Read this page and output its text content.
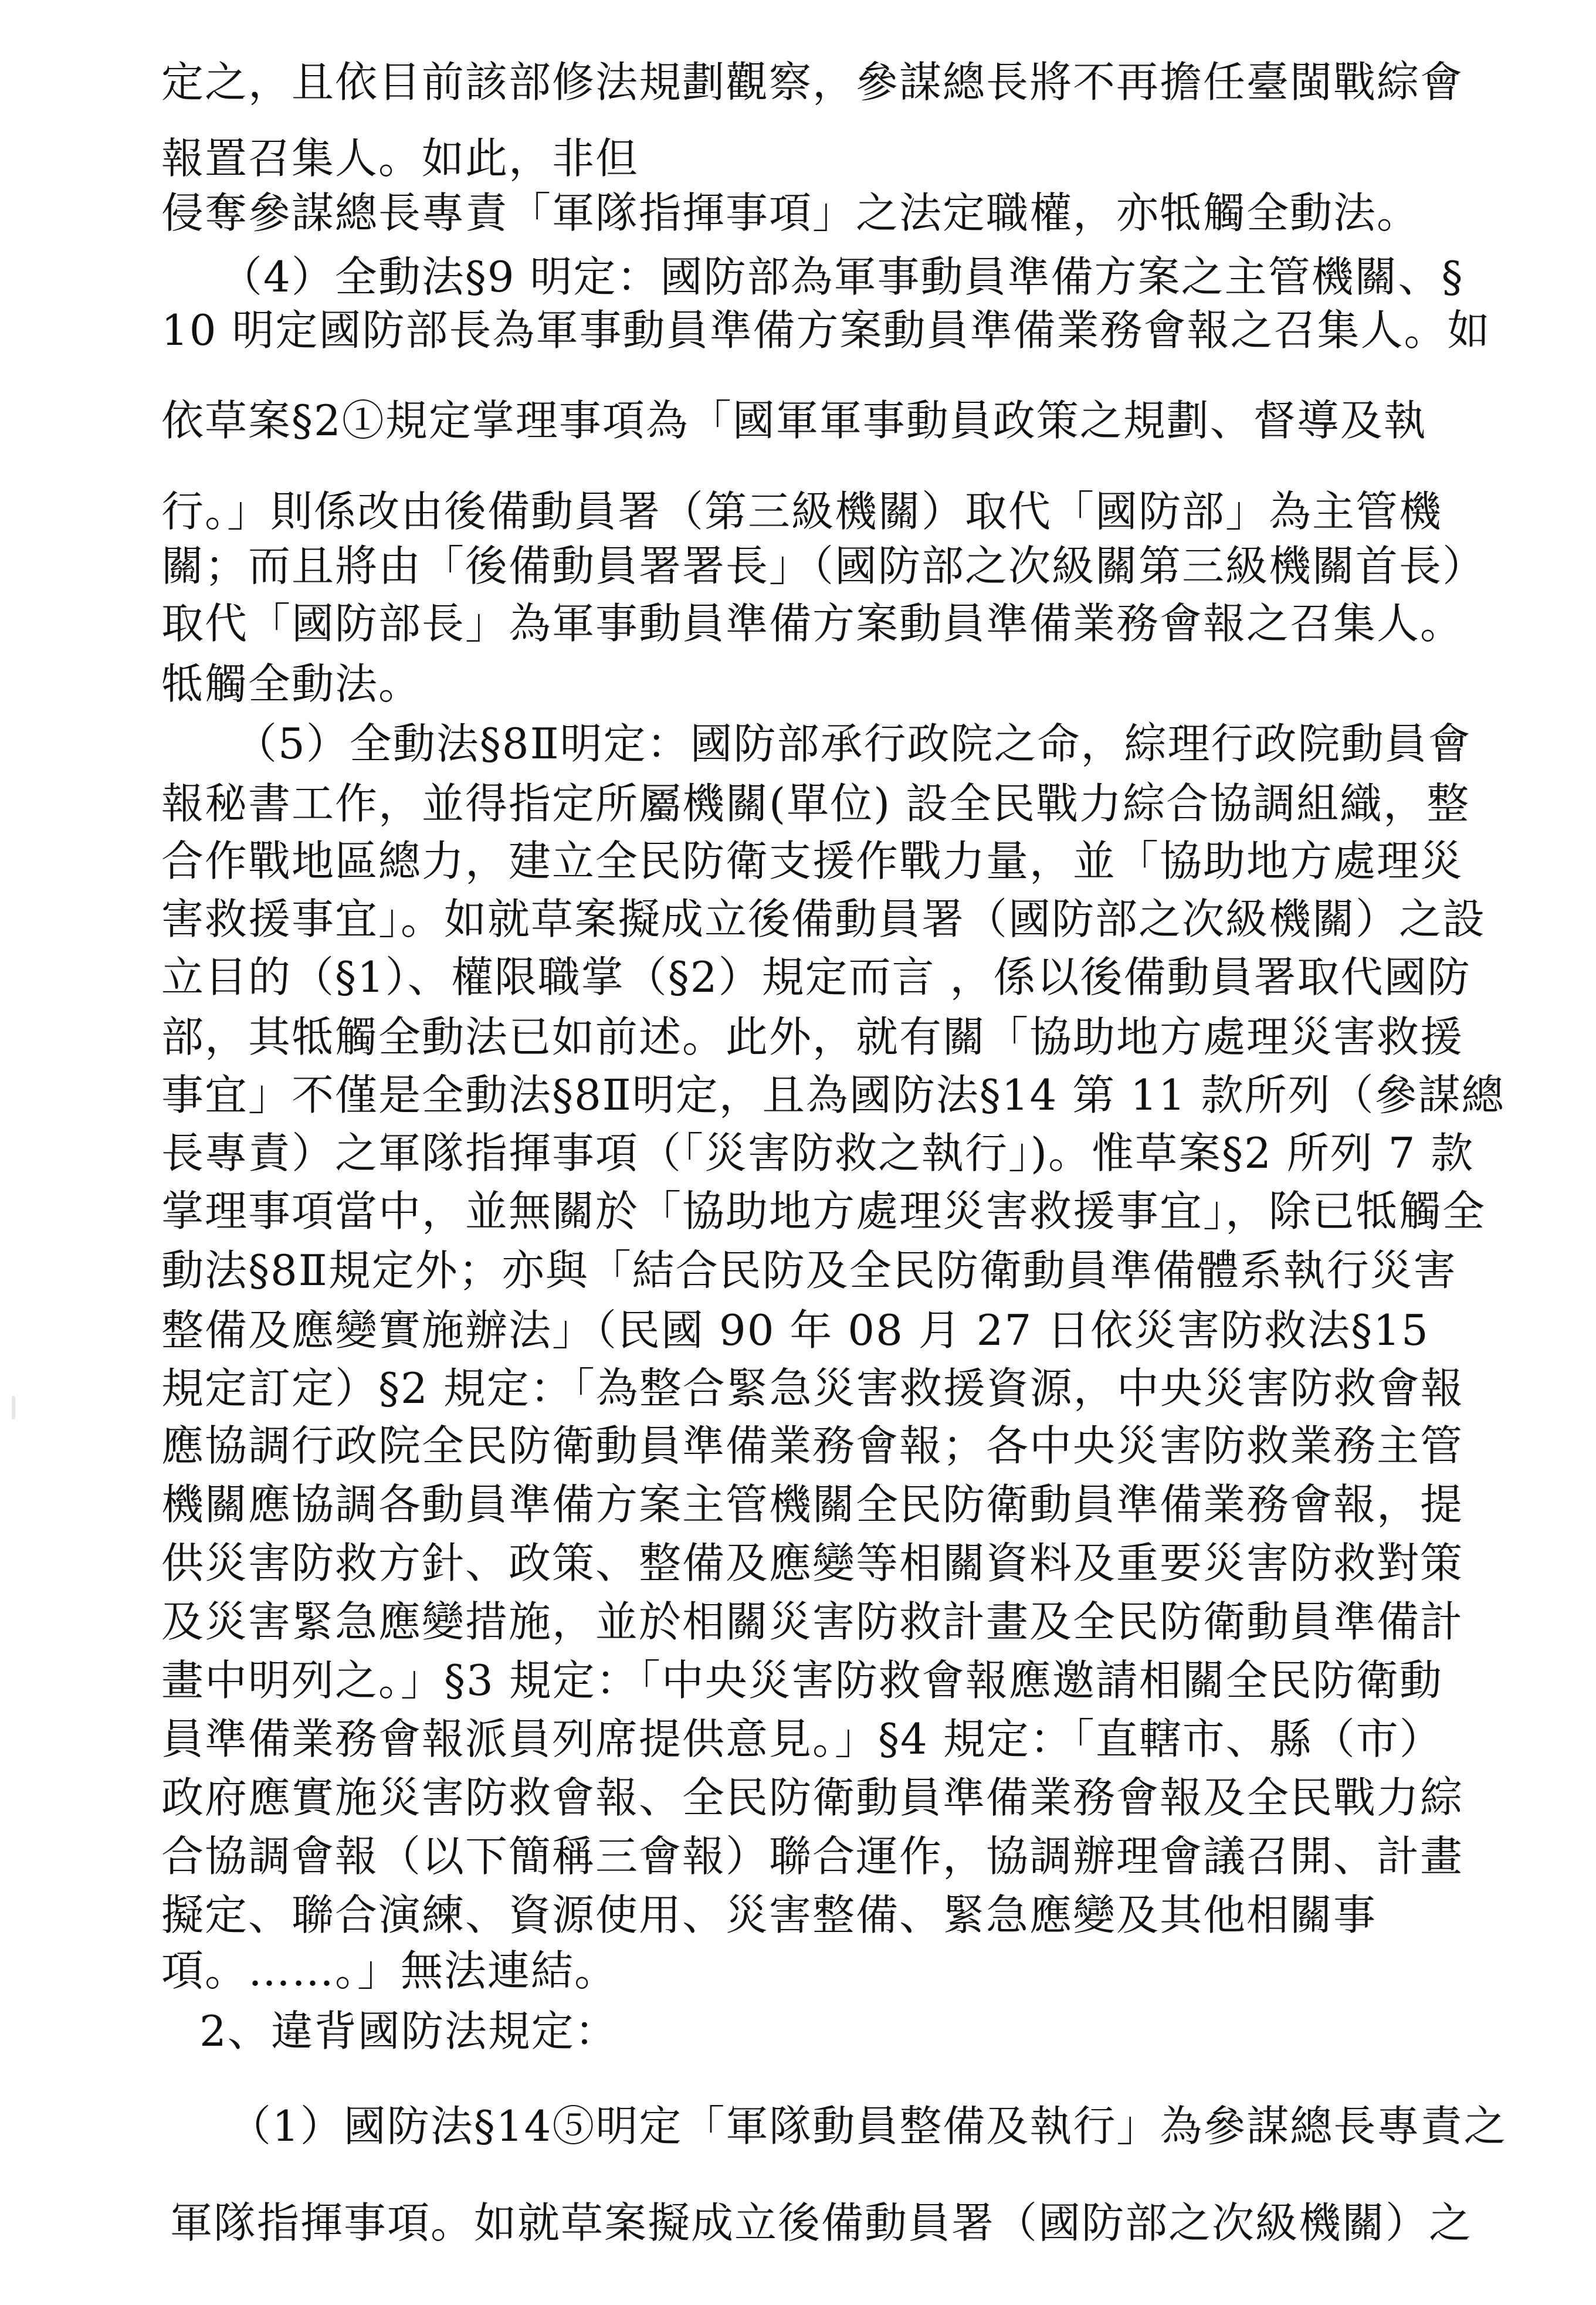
定之，且依目前該部修法規劃觀察，參謀總長將不再擔任臺閩戰綜會
報置召集人。如此，非但
侵奪參謀總長專責「軍隊指揮事項」之法定職權，亦牴觸全動法。
（4）全動法§9 明定：國防部為軍事動員準備方案之主管機關、§
10 明定國防部長為軍事動員準備方案動員準備業務會報之召集人。如
依草案§2①規定掌理事項為「國軍軍事動員政策之規劃、督導及執
行。」則係改由後備動員署（第三級機關）取代「國防部」為主管機
關；而且將由「後備動員署署長」（國防部之次級關第三級機關首長）
取代「國防部長」為軍事動員準備方案動員準備業務會報之召集人。
牴觸全動法。
（5）全動法§8Ⅱ明定：國防部承行政院之命，綜理行政院動員會
報秘書工作，並得指定所屬機關(單位) 設全民戰力綜合協調組織，整
合作戰地區總力，建立全民防衛支援作戰力量，並「協助地方處理災
害救援事宜」。如就草案擬成立後備動員署（國防部之次級機關）之設
立目的（§1）、權限職掌（§2）規定而言 ，係以後備動員署取代國防
部，其牴觸全動法已如前述。此外，就有關「協助地方處理災害救援
事宜」不僅是全動法§8Ⅱ明定，且為國防法§14 第 11 款所列（參謀總
長專責）之軍隊指揮事項（「災害防救之執行」)。惟草案§2 所列 7 款
掌理事項當中，並無關於「協助地方處理災害救援事宜」，除已牴觸全
動法§8Ⅱ規定外；亦與「結合民防及全民防衛動員準備體系執行災害
整備及應變實施辦法」（民國 90 年 08 月 27 日依災害防救法§15
規定訂定）§2 規定：「為整合緊急災害救援資源，中央災害防救會報
應協調行政院全民防衛動員準備業務會報；各中央災害防救業務主管
機關應協調各動員準備方案主管機關全民防衛動員準備業務會報，提
供災害防救方針、政策、整備及應變等相關資料及重要災害防救對策
及災害緊急應變措施，並於相關災害防救計畫及全民防衛動員準備計
畫中明列之。」§3 規定：「中央災害防救會報應邀請相關全民防衛動
員準備業務會報派員列席提供意見。」§4 規定：「直轄市、縣（市）
政府應實施災害防救會報、全民防衛動員準備業務會報及全民戰力綜
合協調會報（以下簡稱三會報）聯合運作，協調辦理會議召開、計畫
擬定、聯合演練、資源使用、災害整備、緊急應變及其他相關事
項。……。」無法連結。
2、違背國防法規定：
（1）國防法§14⑤明定「軍隊動員整備及執行」為參謀總長專責之
軍隊指揮事項。如就草案擬成立後備動員署（國防部之次級機關）之
